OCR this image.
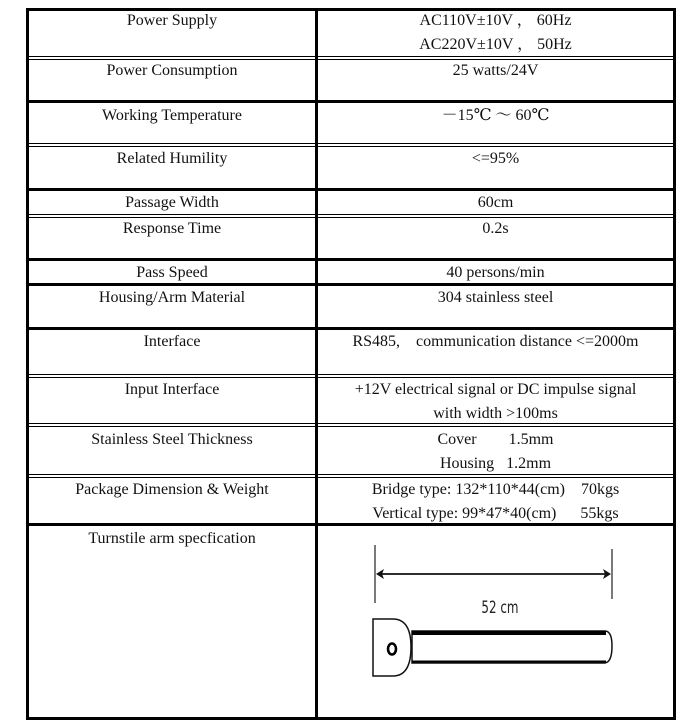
Power Supply	AC110V±10V ， 60Hz
AC220V±10V ， 50Hz
Power Consumption	25 watts/24V
Working Temperature	－15℃ ～ 60℃
Related Humility	<=95%
Passage Width	60cm
Response Time	0.2s
Pass Speed	40 persons/min
Housing/Arm Material	304 stainless steel
Interface	RS485,    communication distance <=2000m
Input Interface	+12V electrical signal or DC impulse signal
with width >100ms
Stainless Steel Thickness	Cover        1.5mm
Housing   1.2mm
Package Dimension & Weight	Bridge type: 132*110*44(cm)    70kgs
Vertical type: 99*47*40(cm)      55kgs
Turnstile arm specfication
52 cm
